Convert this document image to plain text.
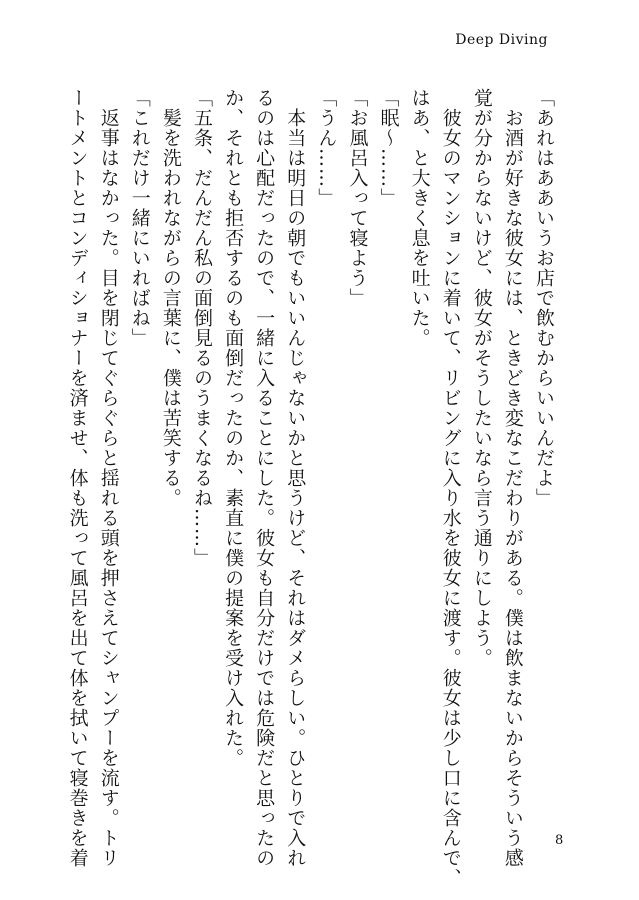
Deep Diving
「あれはああいうお店で飲むからいいんだよ」
　お酒が好きな彼女には、ときどき変なこだわりがある。僕は飲まないからそういう感
覚が分からないけど、彼女がそうしたいなら言う通りにしよう。
　彼女のマンションに着いて、リビングに入り水を彼女に渡す。彼女は少し口に含んで、
はあ、と大きく息を吐いた。
「眠～……」
「お風呂入って寝よう」
「うん……」
　本当は明日の朝でもいいんじゃないかと思うけど、それはダメらしい。ひとりで入れ
るのは心配だったので、一緒に入ることにした。彼女も自分だけでは危険だと思ったの
か、それとも拒否するのも面倒だったのか、素直に僕の提案を受け入れた。
「五条、だんだん私の面倒見るのうまくなるね……」
　髪を洗われながらの言葉に、僕は苦笑する。
「これだけ一緒にいればね」
　返事はなかった。目を閉じてぐらぐらと揺れる頭を押さえてシャンプーを流す。トリ
ートメントとコンディショナーを済ませ、体も洗って風呂を出て体を拭いて寝巻きを着	8
